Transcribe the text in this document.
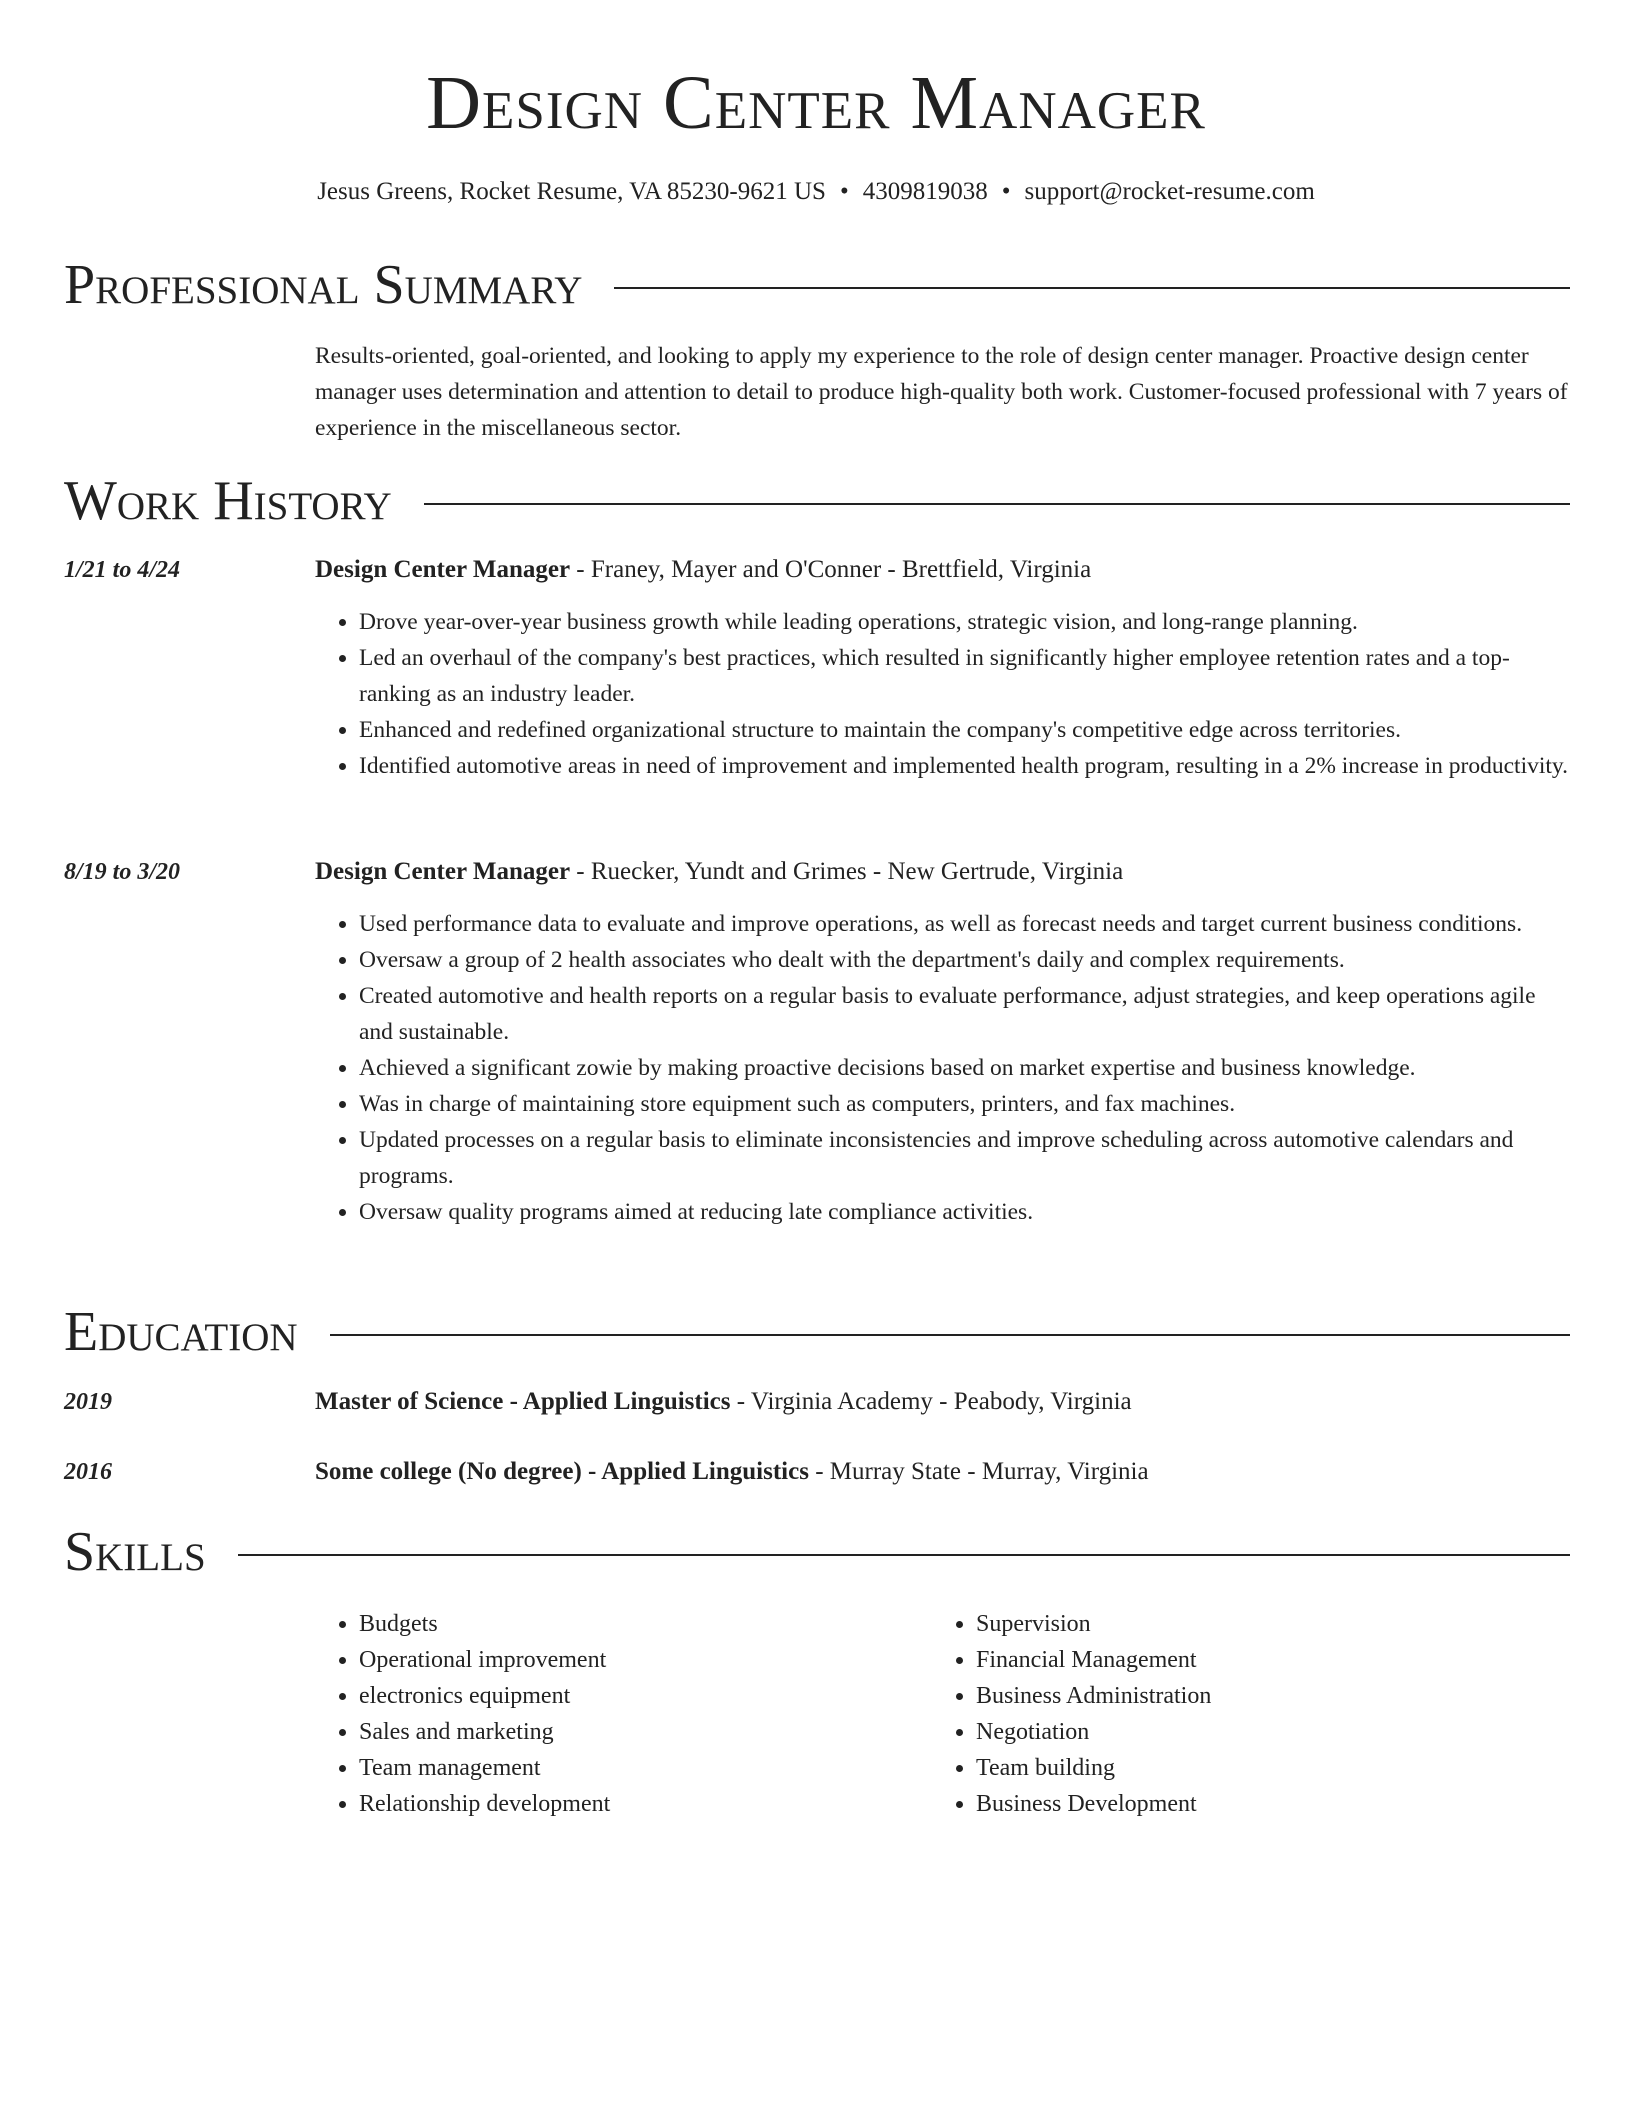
Design Center Manager
Jesus Greens, Rocket Resume, VA 85230-9621 US • 4309819038 • support@rocket-resume.com
Professional Summary
Results-oriented, goal-oriented, and looking to apply my experience to the role of design center manager. Proactive design center manager uses determination and attention to detail to produce high-quality both work. Customer-focused professional with 7 years of experience in the miscellaneous sector.
Work History
1/21 to 4/24	Design Center Manager - Franey, Mayer and O'Conner - Brettfield, Virginia
• Drove year-over-year business growth while leading operations, strategic vision, and long-range planning.
• Led an overhaul of the company's best practices, which resulted in significantly higher employee retention rates and a top-ranking as an industry leader.
• Enhanced and redefined organizational structure to maintain the company's competitive edge across territories.
• Identified automotive areas in need of improvement and implemented health program, resulting in a 2% increase in productivity.
8/19 to 3/20	Design Center Manager - Ruecker, Yundt and Grimes - New Gertrude, Virginia
• Used performance data to evaluate and improve operations, as well as forecast needs and target current business conditions.
• Oversaw a group of 2 health associates who dealt with the department's daily and complex requirements.
• Created automotive and health reports on a regular basis to evaluate performance, adjust strategies, and keep operations agile and sustainable.
• Achieved a significant zowie by making proactive decisions based on market expertise and business knowledge.
• Was in charge of maintaining store equipment such as computers, printers, and fax machines.
• Updated processes on a regular basis to eliminate inconsistencies and improve scheduling across automotive calendars and programs.
• Oversaw quality programs aimed at reducing late compliance activities.
Education
2019	Master of Science - Applied Linguistics - Virginia Academy - Peabody, Virginia
2016	Some college (No degree) - Applied Linguistics - Murray State - Murray, Virginia
Skills
• Budgets
• Operational improvement
• electronics equipment
• Sales and marketing
• Team management
• Relationship development
• Supervision
• Financial Management
• Business Administration
• Negotiation
• Team building
• Business Development
